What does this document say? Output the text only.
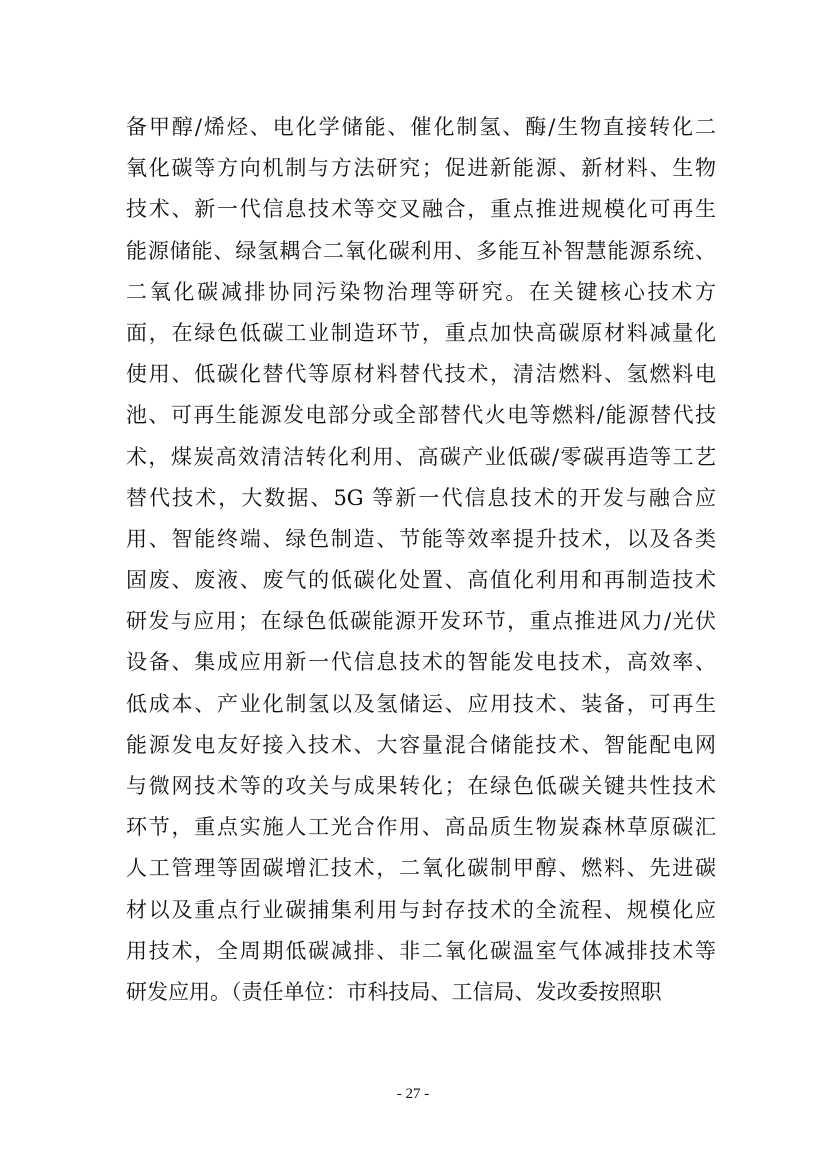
备甲醇/烯烃、电化学储能、催化制氢、酶/生物直接转化二
氧化碳等方向机制与方法研究；促进新能源、新材料、生物
技术、新一代信息技术等交叉融合，重点推进规模化可再生
能源储能、绿氢耦合二氧化碳利用、多能互补智慧能源系统、
二氧化碳减排协同污染物治理等研究。在关键核心技术方
面，在绿色低碳工业制造环节，重点加快高碳原材料减量化
使用、低碳化替代等原材料替代技术，清洁燃料、氢燃料电
池、可再生能源发电部分或全部替代火电等燃料/能源替代技
术，煤炭高效清洁转化利用、高碳产业低碳/零碳再造等工艺
替代技术，大数据、5G 等新一代信息技术的开发与融合应
用、智能终端、绿色制造、节能等效率提升技术，以及各类
固废、废液、废气的低碳化处置、高值化利用和再制造技术
研发与应用；在绿色低碳能源开发环节，重点推进风力/光伏
设备、集成应用新一代信息技术的智能发电技术，高效率、
低成本、产业化制氢以及氢储运、应用技术、装备，可再生
能源发电友好接入技术、大容量混合储能技术、智能配电网
与微网技术等的攻关与成果转化；在绿色低碳关键共性技术
环节，重点实施人工光合作用、高品质生物炭森林草原碳汇
人工管理等固碳增汇技术，二氧化碳制甲醇、燃料、先进碳
材以及重点行业碳捕集利用与封存技术的全流程、规模化应
用技术，全周期低碳减排、非二氧化碳温室气体减排技术等
研发应用。（责任单位：市科技局、工信局、发改委按照职
- 27 -
